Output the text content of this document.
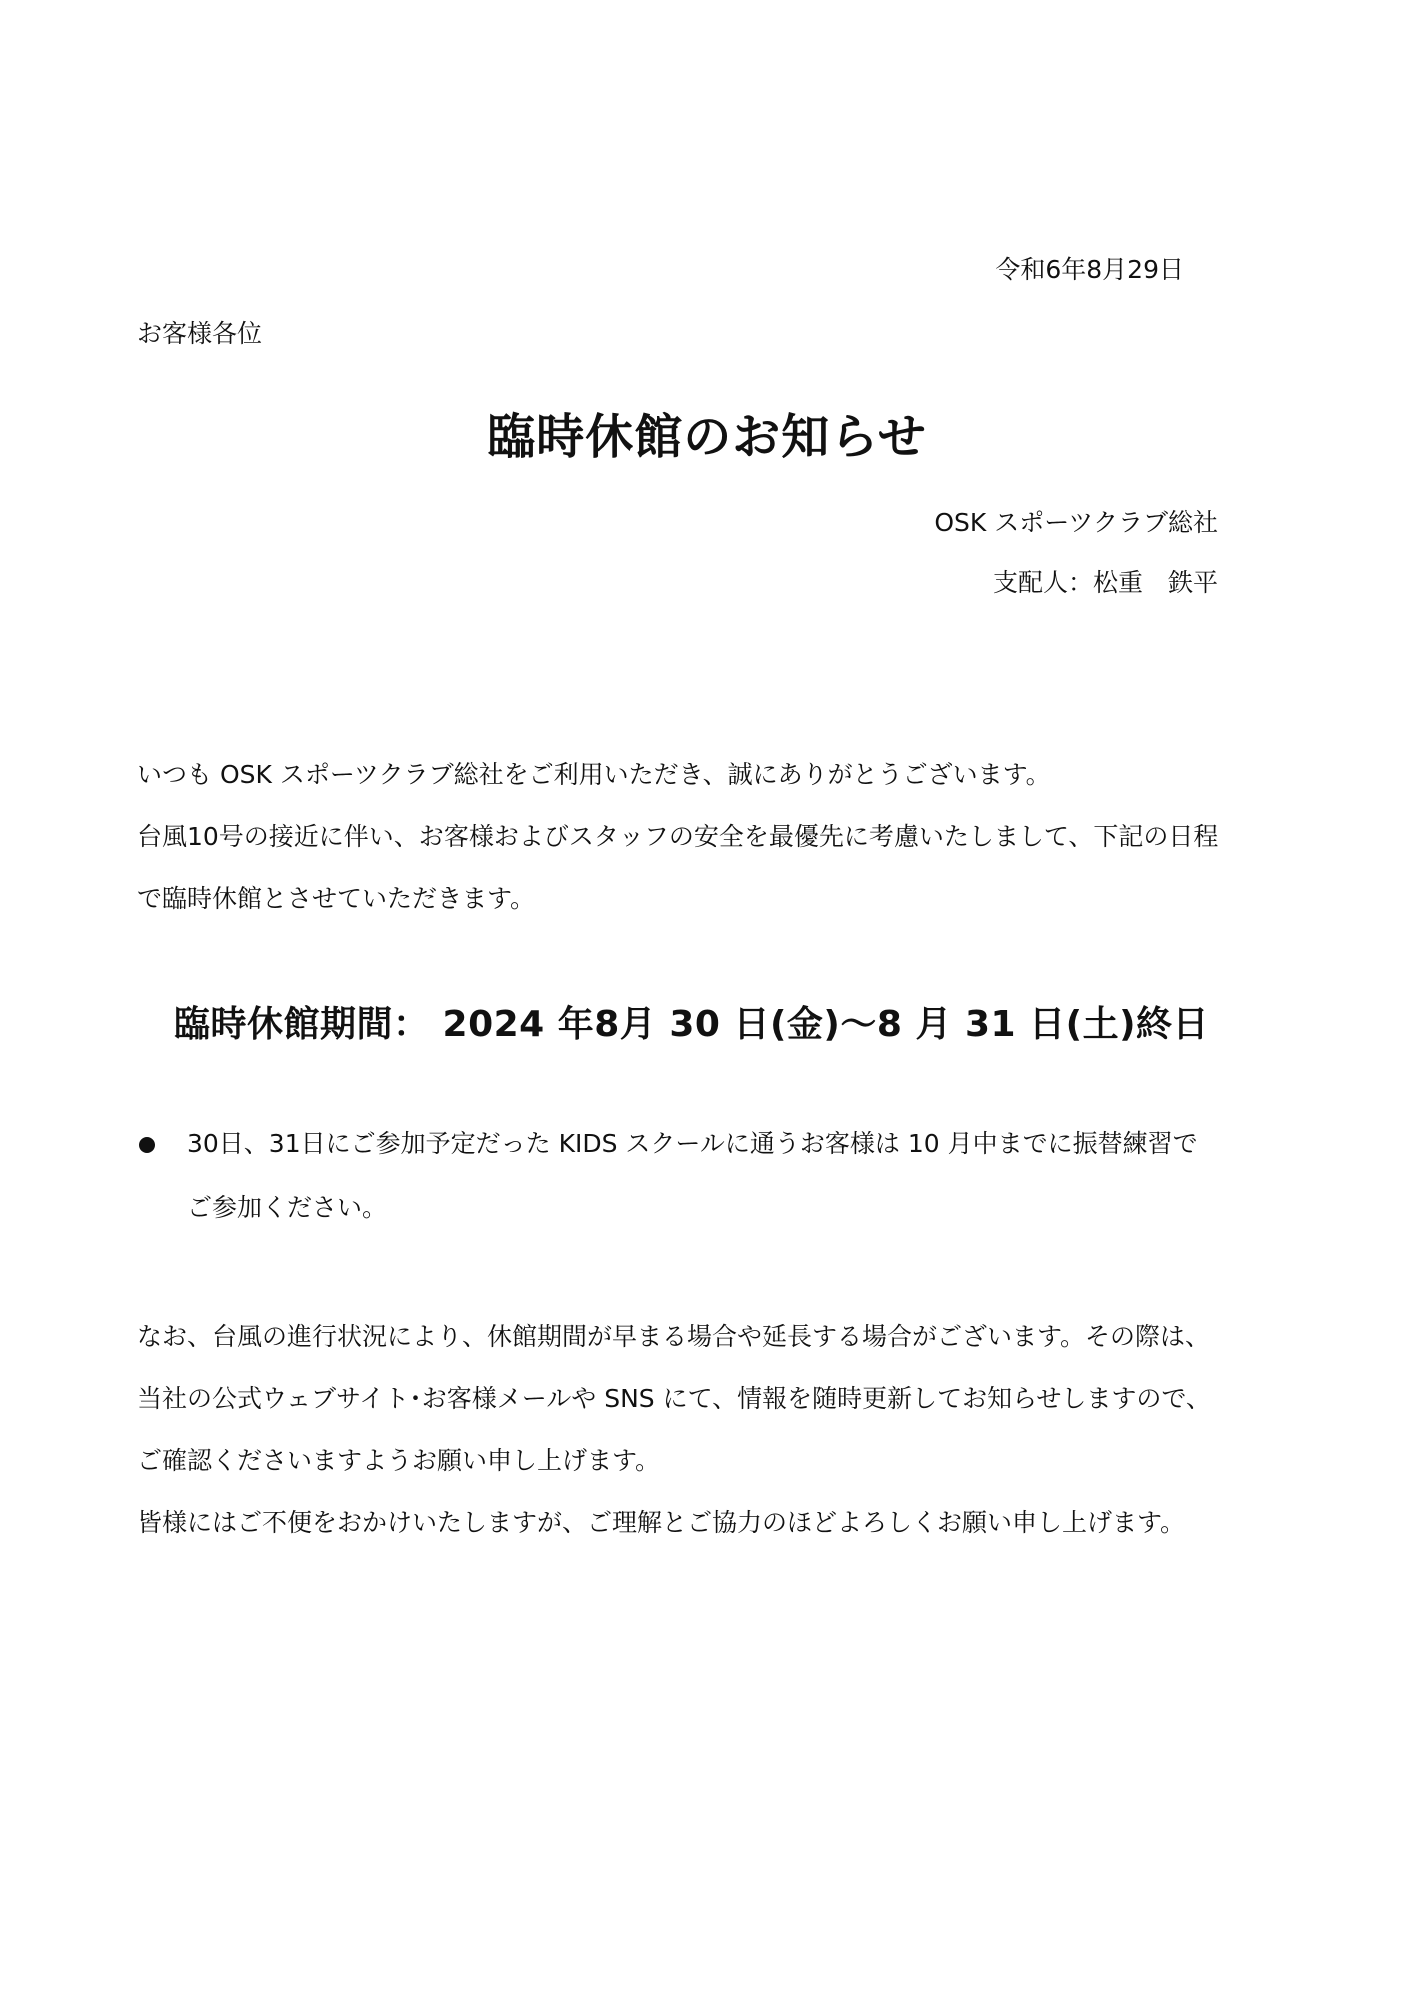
令和6年8月29日
お客様各位
臨時休館のお知らせ
OSK スポーツクラブ総社
支配人：松重　鉄平

いつも OSK スポーツクラブ総社をご利用いただき、誠にありがとうございます。

台風10号の接近に伴い、お客様およびスタッフの安全を最優先に考慮いたしまして、下記の日程で臨時休館とさせていただきます。

臨時休館期間： 2024 年8月 30 日(金)～8 月 31 日(土)終日
30日、31日にご参加予定だった KIDS スクールに通うお客様は 10 月中までに振替練習でご参加ください。

なお、台風の進行状況により、休館期間が早まる場合や延長する場合がございます。その際は、当社の公式ウェブサイト･お客様メールや SNS にて、情報を随時更新してお知らせしますので、ご確認くださいますようお願い申し上げます。

皆様にはご不便をおかけいたしますが、ご理解とご協力のほどよろしくお願い申し上げます。
